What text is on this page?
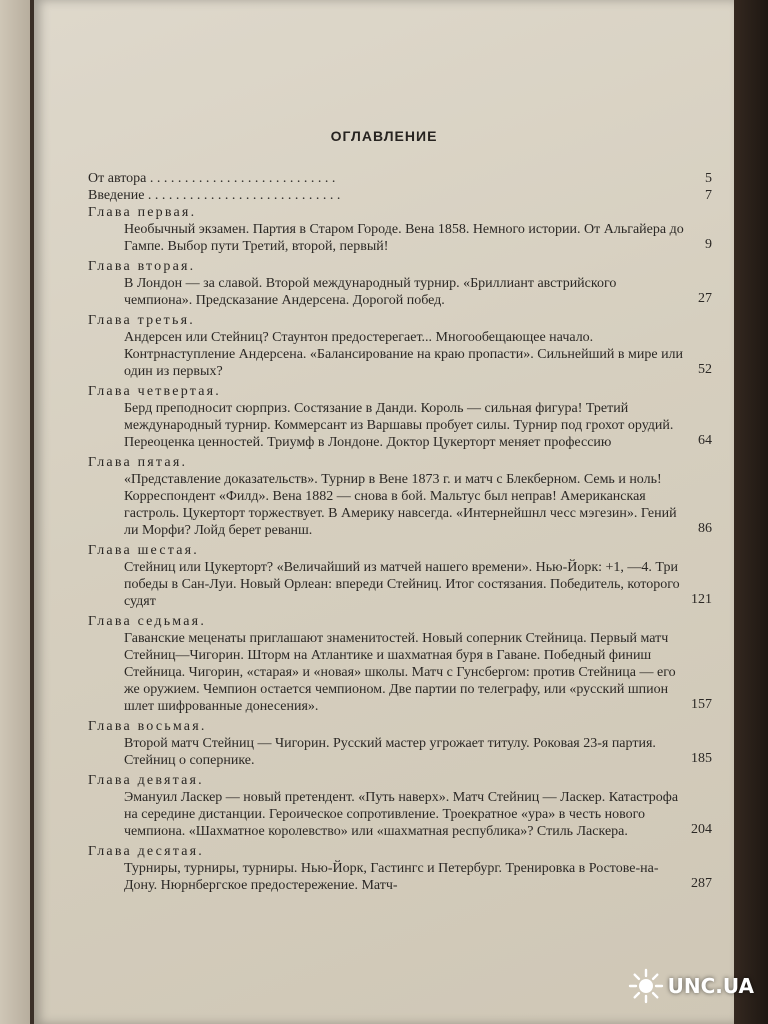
ОГЛАВЛЕНИЕ
От автора . . . . . . . . . . . . . . . . . . . . . . . . . . .	5
Введение . . . . . . . . . . . . . . . . . . . . . . . . . . . .	7
Глава первая.
Необычный экзамен. Партия в Старом Городе. Вена 1858. Немного истории. От Альгайера до Гампе. Выбор пути Третий, второй, первый!	9
Глава вторая.
В Лондон — за славой. Второй международный турнир. «Бриллиант австрийского чемпиона». Предсказание Андерсена. Дорогой побед.	27
Глава третья.
Андерсен или Стейниц? Стаунтон предостерегает... Многообещающее начало. Контрнаступление Андерсена. «Балансирование на краю пропасти». Сильнейший в мире или один из первых?	52
Глава четвертая.
Берд преподносит сюрприз. Состязание в Данди. Король — сильная фигура! Третий международный турнир. Коммерсант из Варшавы пробует силы. Турнир под грохот орудий. Переоценка ценностей. Триумф в Лондоне. Доктор Цукерторт меняет профессию	64
Глава пятая.
«Представление доказательств». Турнир в Вене 1873 г. и матч с Блекберном. Семь и ноль! Корреспондент «Филд». Вена 1882 — снова в бой. Мальтус был неправ! Американская гастроль. Цукерторт торжествует. В Америку навсегда. «Интернейшнл чесс мэгезин». Гений ли Морфи? Лойд берет реванш.	86
Глава шестая.
Стейниц или Цукерторт? «Величайший из матчей нашего времени». Нью-Йорк: +1, —4. Три победы в Сан-Луи. Новый Орлеан: впереди Стейниц. Итог состязания. Победитель, которого судят	121
Глава седьмая.
Гаванские меценаты приглашают знаменитостей. Новый соперник Стейница. Первый матч Стейниц—Чигорин. Шторм на Атлантике и шахматная буря в Гаване. Победный финиш Стейница. Чигорин, «старая» и «новая» школы. Матч с Гунсбергом: против Стейница — его же оружием. Чемпион остается чемпионом. Две партии по телеграфу, или «русский шпион шлет шифрованные донесения».	157
Глава восьмая.
Второй матч Стейниц — Чигорин. Русский мастер угрожает титулу. Роковая 23-я партия. Стейниц о сопернике.	185
Глава девятая.
Эмануил Ласкер — новый претендент. «Путь наверх». Матч Стейниц — Ласкер. Катастрофа на середине дистанции. Героическое сопротивление. Троекратное «ура» в честь нового чемпиона. «Шахматное королевство» или «шахматная республика»? Стиль Ласкера.	204
Глава десятая.
Турниры, турниры, турниры. Нью-Йорк, Гастингс и Петербург. Тренировка в Ростове-на-Дону. Нюрнбергское предостережение. Матч-	287
UNC.UA
